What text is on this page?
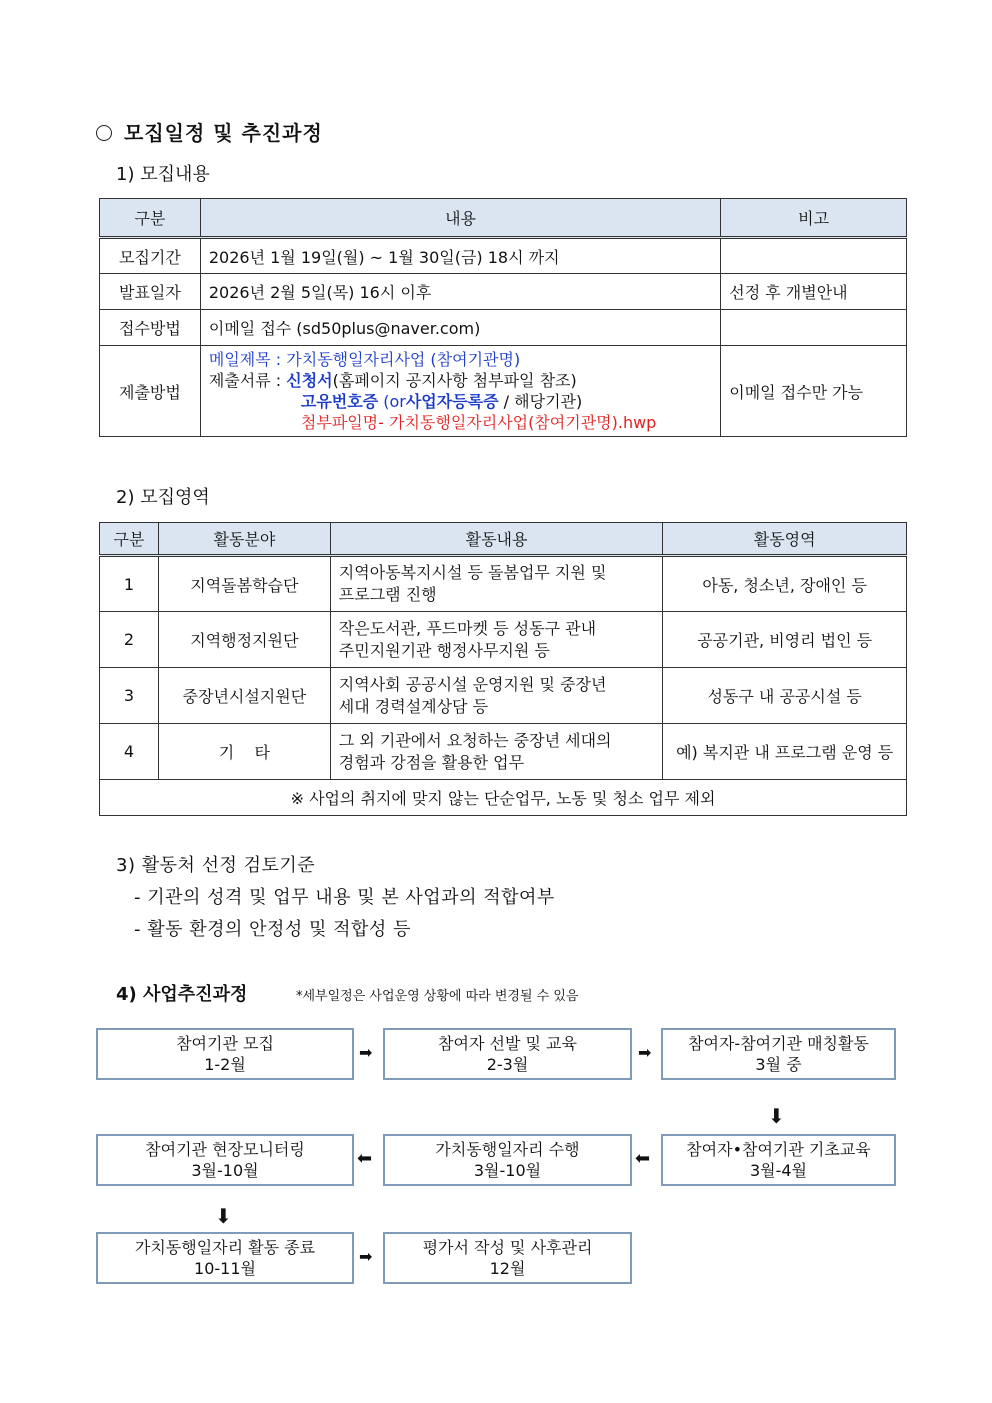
모집일정 및 추진과정
1) 모집내용
구분	내용	비고
모집기간	2026년 1월 19일(월) ~ 1월 30일(금) 18시 까지	
발표일자	2026년 2월 5일(목) 16시 이후	선정 후 개별안내
접수방법	이메일 접수 (sd50plus@naver.com)	
제출방법	메일제목 : 가치동행일자리사업 (참여기관명)
제출서류 : 신청서(홈페이지 공지사항 첨부파일 참조)
고유번호증 (or사업자등록증 / 해당기관)
첨부파일명- 가치동행일자리사업(참여기관명).hwp	이메일 접수만 가능
2) 모집영역
구분	활동분야	활동내용	활동영역
1	지역돌봄학습단	지역아동복지시설 등 돌봄업무 지원 및
프로그램 진행	아동, 청소년, 장애인 등
2	지역행정지원단	작은도서관, 푸드마켓 등 성동구 관내
주민지원기관 행정사무지원 등	공공기관, 비영리 법인 등
3	중장년시설지원단	지역사회 공공시설 운영지원 및 중장년
세대 경력설계상담 등	성동구 내 공공시설 등
4	기    타	그 외 기관에서 요청하는 중장년 세대의
경험과 강점을 활용한 업무	예) 복지관 내 프로그램 운영 등
※ 사업의 취지에 맞지 않는 단순업무, 노동 및 청소 업무 제외			
3) 활동처 선정 검토기준
- 기관의 성격 및 업무 내용 및 본 사업과의 적합여부
- 활동 환경의 안정성 및 적합성 등
4) 사업추진과정	*세부일정은 사업운영 상황에 따라 변경될 수 있음
참여기관 모집
1-2월
➡	참여자 선발 및 교육
2-3월
➡	참여자-참여기관 매칭활동
3월 중
⬇
참여기관 현장모니터링
3월-10월
⬅	가치동행일자리 수행
3월-10월
⬅	참여자•참여기관 기초교육
3월-4월
⬇
가치동행일자리 활동 종료
10-11월
➡	평가서 작성 및 사후관리
12월
